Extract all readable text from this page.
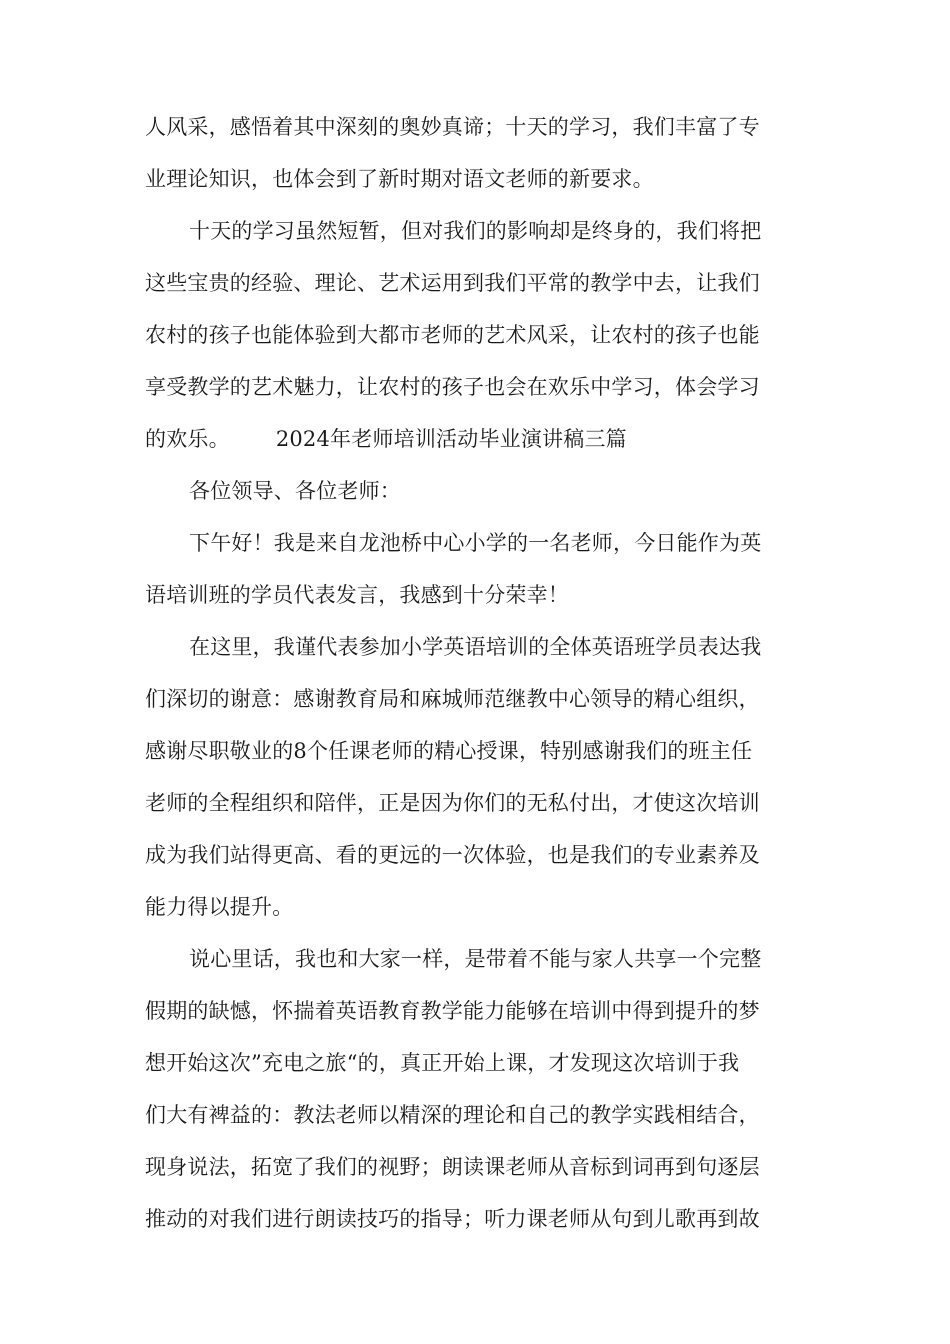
人风采，感悟着其中深刻的奥妙真谛；十天的学习，我们丰富了专
业理论知识，也体会到了新时期对语文老师的新要求。
十天的学习虽然短暂，但对我们的影响却是终身的，我们将把
这些宝贵的经验、理论、艺术运用到我们平常的教学中去，让我们
农村的孩子也能体验到大都市老师的艺术风采，让农村的孩子也能
享受教学的艺术魅力，让农村的孩子也会在欢乐中学习，体会学习
的欢乐。 2024年老师培训活动毕业演讲稿三篇
各位领导、各位老师：
下午好！我是来自龙池桥中心小学的一名老师，今日能作为英
语培训班的学员代表发言，我感到十分荣幸！
在这里，我谨代表参加小学英语培训的全体英语班学员表达我
们深切的谢意：感谢教育局和麻城师范继教中心领导的精心组织，
感谢尽职敬业的8个任课老师的精心授课，特别感谢我们的班主任
老师的全程组织和陪伴，正是因为你们的无私付出，才使这次培训
成为我们站得更高、看的更远的一次体验，也是我们的专业素养及
能力得以提升。
说心里话，我也和大家一样，是带着不能与家人共享一个完整
假期的缺憾，怀揣着英语教育教学能力能够在培训中得到提升的梦
想开始这次”充电之旅“的，真正开始上课，才发现这次培训于我
们大有裨益的：教法老师以精深的理论和自己的教学实践相结合，
现身说法，拓宽了我们的视野；朗读课老师从音标到词再到句逐层
推动的对我们进行朗读技巧的指导；听力课老师从句到儿歌再到故
